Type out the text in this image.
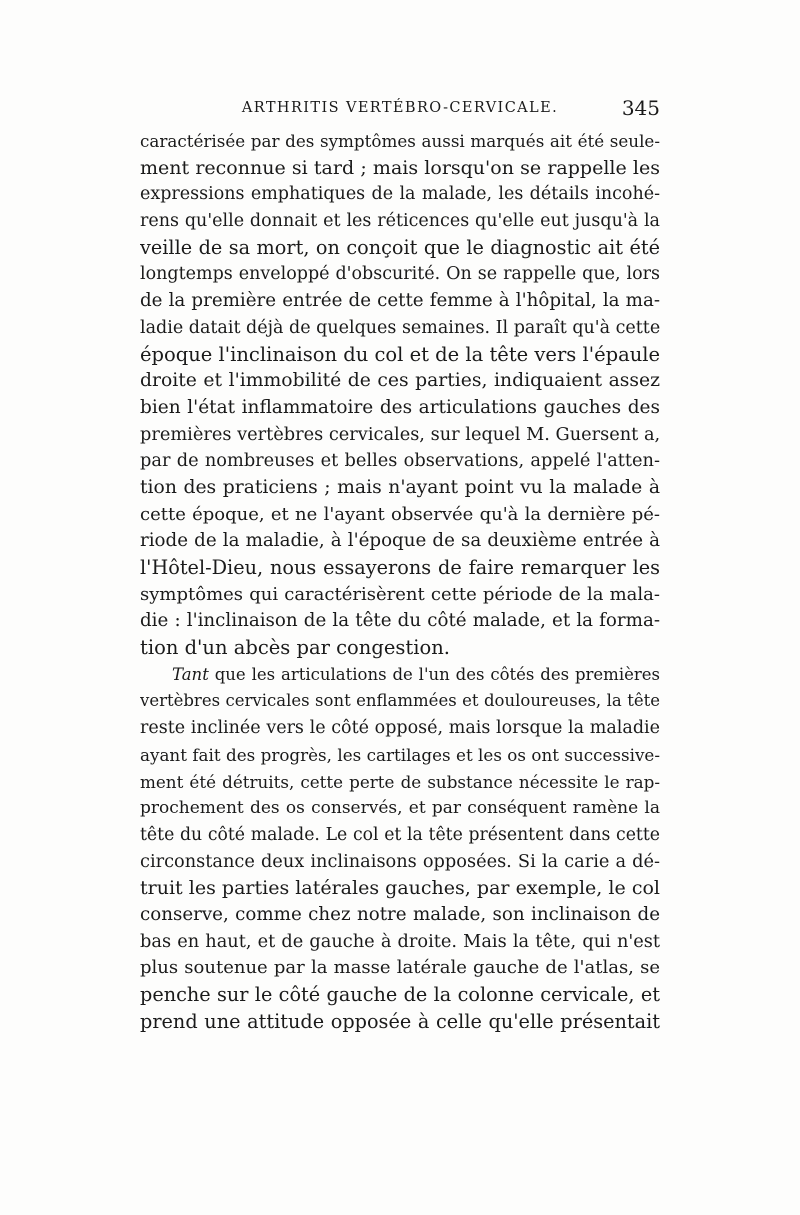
ARTHRITIS VERTÉBRO-CERVICALE.	345
caractérisée par des symptômes aussi marqués ait été seule-
ment reconnue si tard ; mais lorsqu'on se rappelle les
expressions emphatiques de la malade, les détails incohé-
rens qu'elle donnait et les réticences qu'elle eut jusqu'à la
veille de sa mort, on conçoit que le diagnostic ait été
longtemps enveloppé d'obscurité. On se rappelle que, lors
de la première entrée de cette femme à l'hôpital, la ma-
ladie datait déjà de quelques semaines. Il paraît qu'à cette
époque l'inclinaison du col et de la tête vers l'épaule
droite et l'immobilité de ces parties, indiquaient assez
bien l'état inflammatoire des articulations gauches des
premières vertèbres cervicales, sur lequel M. Guersent a,
par de nombreuses et belles observations, appelé l'atten-
tion des praticiens ; mais n'ayant point vu la malade à
cette époque, et ne l'ayant observée qu'à la dernière pé-
riode de la maladie, à l'époque de sa deuxième entrée à
l'Hôtel-Dieu, nous essayerons de faire remarquer les
symptômes qui caractérisèrent cette période de la mala-
die : l'inclinaison de la tête du côté malade, et la forma-
tion d'un abcès par congestion.
Tant que les articulations de l'un des côtés des premières
vertèbres cervicales sont enflammées et douloureuses, la tête
reste inclinée vers le côté opposé, mais lorsque la maladie
ayant fait des progrès, les cartilages et les os ont successive-
ment été détruits, cette perte de substance nécessite le rap-
prochement des os conservés, et par conséquent ramène la
tête du côté malade. Le col et la tête présentent dans cette
circonstance deux inclinaisons opposées. Si la carie a dé-
truit les parties latérales gauches, par exemple, le col
conserve, comme chez notre malade, son inclinaison de
bas en haut, et de gauche à droite. Mais la tête, qui n'est
plus soutenue par la masse latérale gauche de l'atlas, se
penche sur le côté gauche de la colonne cervicale, et
prend une attitude opposée à celle qu'elle présentait
